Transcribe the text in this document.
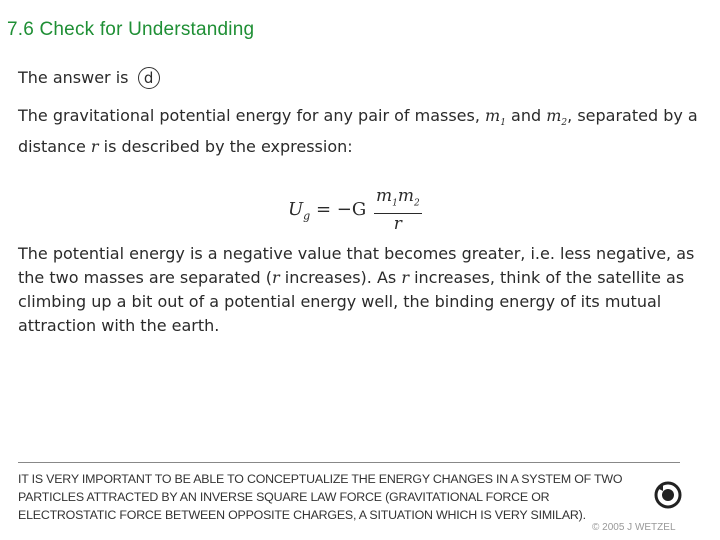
7.6 Check for Understanding
The answer is d
The gravitational potential energy for any pair of masses, $m_1$ and $m_2$, separated by a distance r is described by the expression:
$U_g = -G \frac{m_1m_2}{r}$
The potential energy is a negative value that becomes greater, i.e. less negative, as the two masses are separated (r increases). As r increases, think of the satellite as climbing up a bit out of a potential energy well, the binding energy of its mutual attraction with the earth.
IT IS VERY IMPORTANT TO BE ABLE TO CONCEPTUALIZE THE ENERGY CHANGES IN A SYSTEM OF TWO PARTICLES ATTRACTED BY AN INVERSE SQUARE LAW FORCE (GRAVITATIONAL FORCE OR ELECTROSTATIC FORCE BETWEEN OPPOSITE CHARGES, A SITUATION WHICH IS VERY SIMILAR).
© 2005 J WETZEL
